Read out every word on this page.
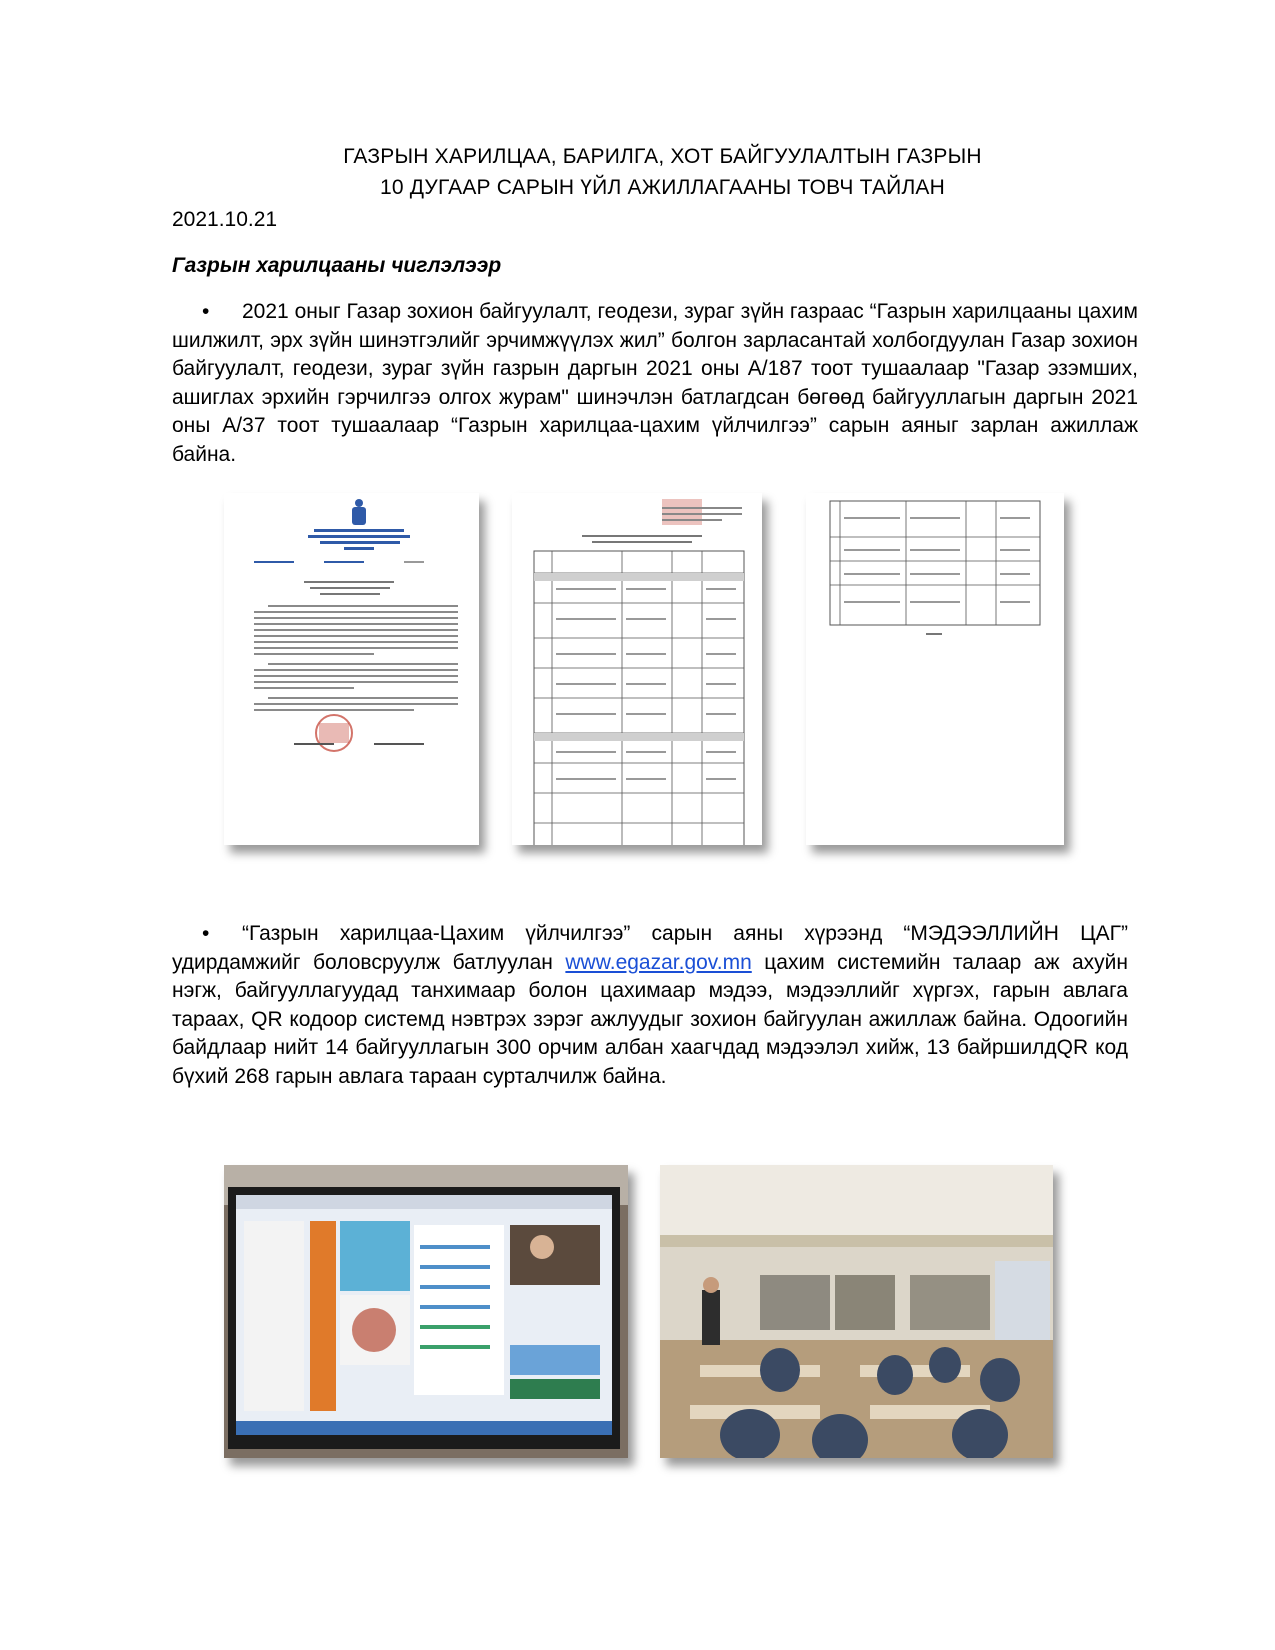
ГАЗРЫН ХАРИЛЦАА, БАРИЛГА, ХОТ БАЙГУУЛАЛТЫН ГАЗРЫН
10 ДУГААР САРЫН ҮЙЛ АЖИЛЛАГААНЫ ТОВЧ ТАЙЛАН
2021.10.21
Газрын харилцааны чиглэлээр
• 2021 оныг Газар зохион байгуулалт, геодези, зураг зүйн газраас “Газрын харилцааны цахим шилжилт, эрх зүйн шинэтгэлийг эрчимжүүлэх жил” болгон зарласантай холбогдуулан Газар зохион байгуулалт, геодези, зураг зүйн газрын даргын 2021 оны А/187 тоот тушаалаар "Газар эзэмших, ашиглах эрхийн гэрчилгээ олгох журам" шинэчлэн батлагдсан бөгөөд байгууллагын даргын 2021 оны А/37 тоот тушаалаар “Газрын харилцаа-цахим үйлчилгээ” сарын аяныг зарлан ажиллаж байна.
• “Газрын харилцаа-Цахим үйлчилгээ” сарын аяны хүрээнд “МЭДЭЭЛЛИЙН ЦАГ” удирдамжийг боловсруулж батлуулан www.egazar.gov.mn цахим системийн талаар аж ахуйн нэгж, байгууллагуудад танхимаар болон цахимаар мэдээ, мэдээллийг хүргэх, гарын авлага тараах, QR кодоор системд нэвтрэх зэрэг ажлуудыг зохион байгуулан ажиллаж байна. Одоогийн байдлаар нийт 14 байгууллагын 300 орчим албан хаагчдад мэдээлэл хийж, 13 байршилдQR код бүхий 268 гарын авлага тараан сурталчилж байна.
